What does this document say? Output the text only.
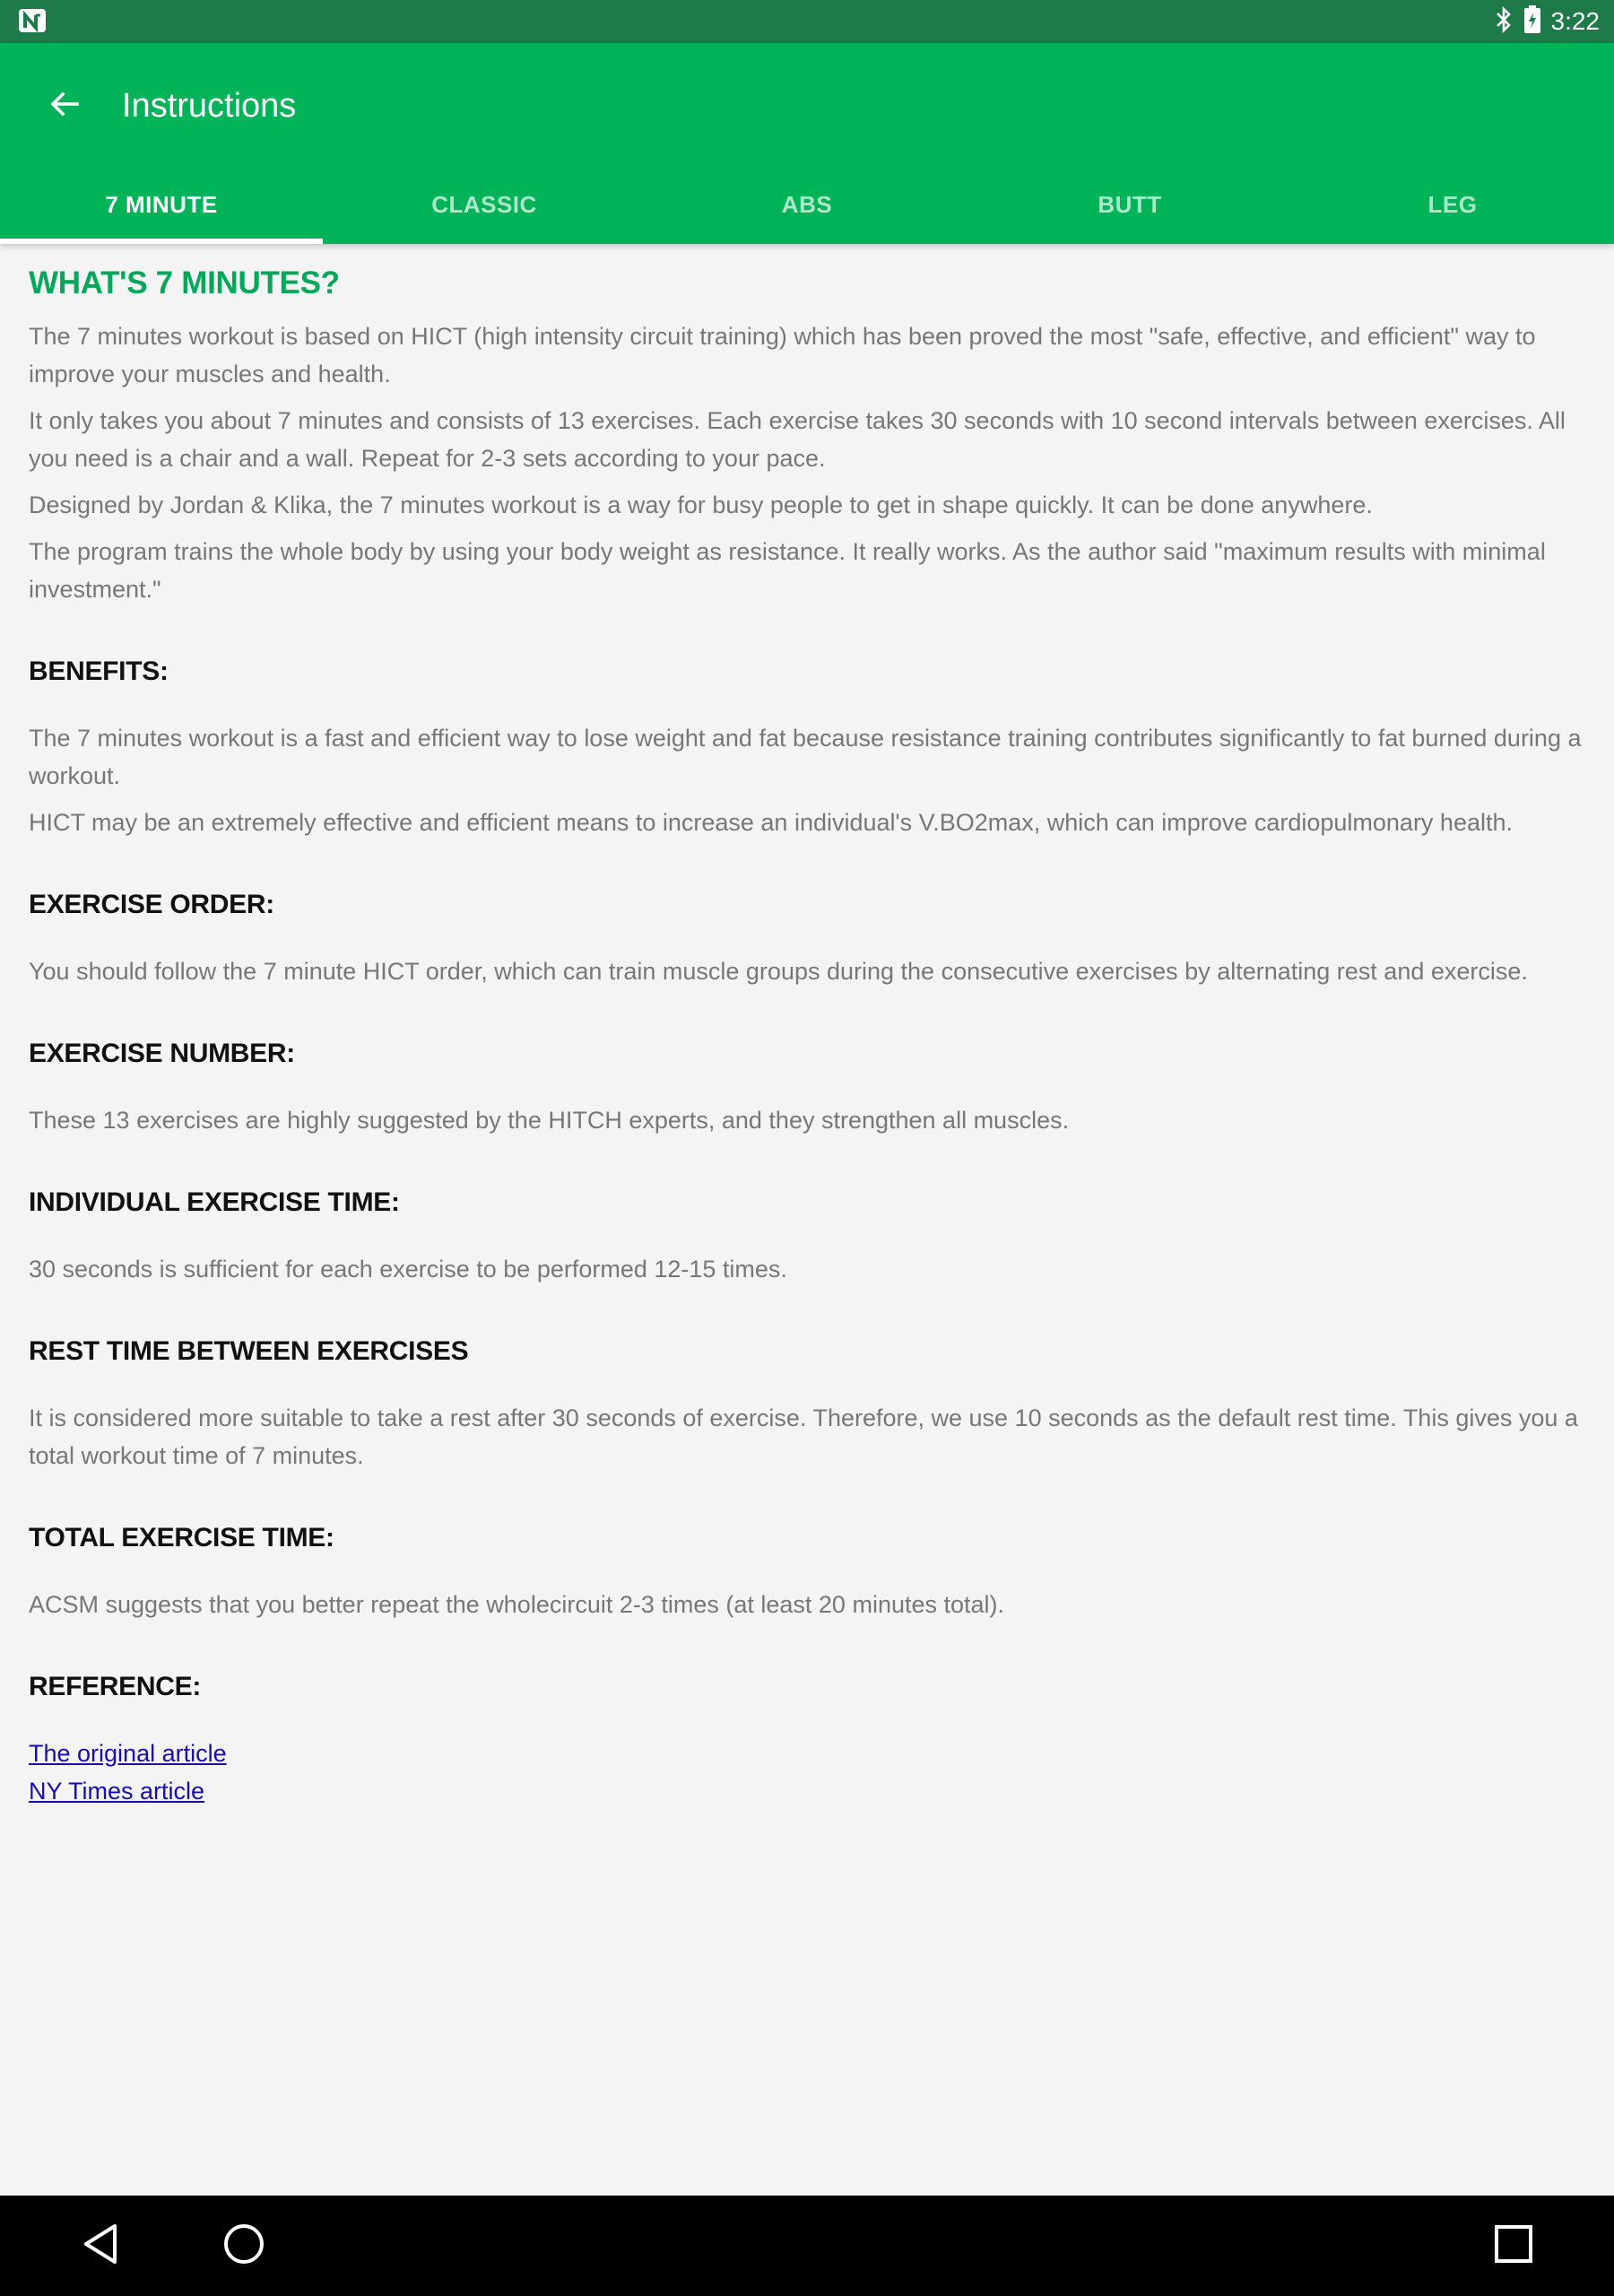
3:22
Instructions
7 MINUTE	CLASSIC	ABS	BUTT	LEG
WHAT'S 7 MINUTES?

The 7 minutes workout is based on HICT (high intensity circuit training) which has been proved the most "safe, effective, and efficient" way to improve your muscles and health.

It only takes you about 7 minutes and consists of 13 exercises. Each exercise takes 30 seconds with 10 second intervals between exercises. All you need is a chair and a wall. Repeat for 2-3 sets according to your pace.

Designed by Jordan & Klika, the 7 minutes workout is a way for busy people to get in shape quickly. It can be done anywhere.

The program trains the whole body by using your body weight as resistance. It really works. As the author said "maximum results with minimal investment."

BENEFITS:

The 7 minutes workout is a fast and efficient way to lose weight and fat because resistance training contributes significantly to fat burned during a workout.

HICT may be an extremely effective and efficient means to increase an individual's V.BO2max, which can improve cardiopulmonary health.

EXERCISE ORDER:

You should follow the 7 minute HICT order, which can train muscle groups during the consecutive exercises by alternating rest and exercise.

EXERCISE NUMBER:

These 13 exercises are highly suggested by the HITCH experts, and they strengthen all muscles.

INDIVIDUAL EXERCISE TIME:

30 seconds is sufficient for each exercise to be performed 12-15 times.

REST TIME BETWEEN EXERCISES

It is considered more suitable to take a rest after 30 seconds of exercise. Therefore, we use 10 seconds as the default rest time. This gives you a total workout time of 7 minutes.

TOTAL EXERCISE TIME:

ACSM suggests that you better repeat the wholecircuit 2-3 times (at least 20 minutes total).

REFERENCE:
The original article
NY Times article
